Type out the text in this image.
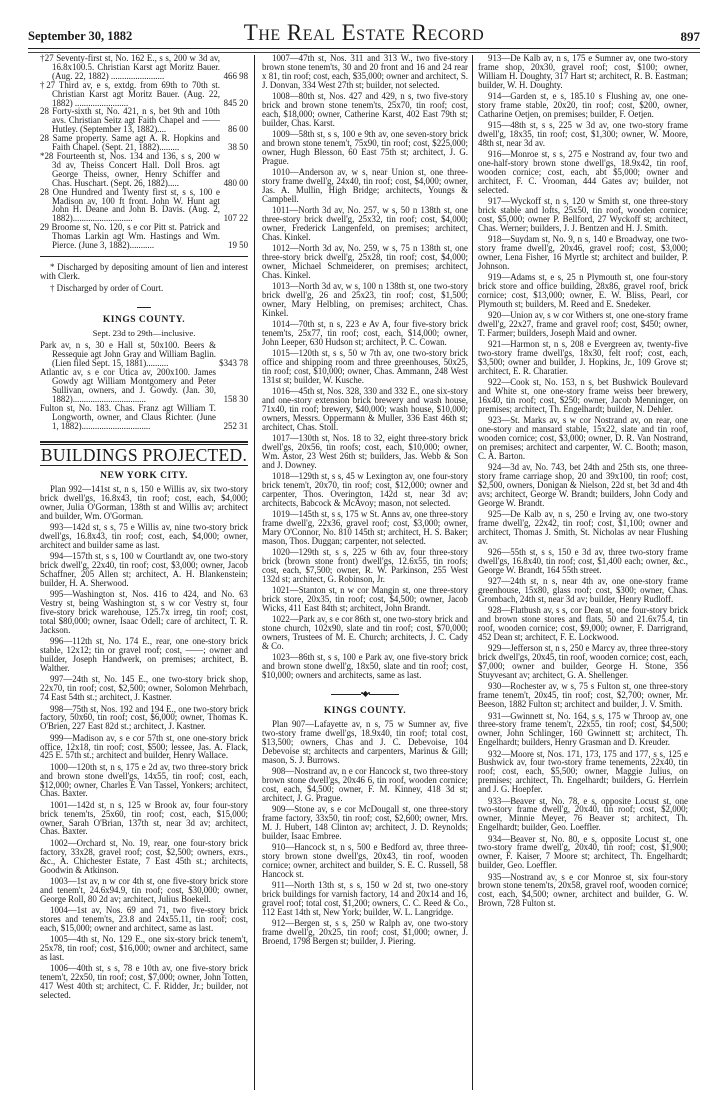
September 30, 1882	The Real Estate Record	897
†27 Seventy-first st, No. 162 E., s s, 200 w 3d av, 16.8x100.5. Christian Karst agt Moritz Bauer. (Aug. 22, 1882) ........................	466 98
†27 Third av, e s, extdg. from 69th to 70th st. Christian Karst agt Moritz Bauer. (Aug. 22, 1882) ........................	845 20
28 Forty-sixth st, No. 421, n s, bet 9th and 10th avs. Christian Seitz agt Faith Chapel and —— Hutley. (September 13, 1882)....	86 00
28 Same property. Same agt A. R. Hopkins and Faith Chapel. (Sept. 21, 1882).........	38 50
*28 Fourteenth st, Nos. 134 and 136, s s, 200 w 3d av, Theiss Concert Hall. Doll Bros. agt George Theiss, owner, Henry Schiffer and Chas. Huschart. (Sept. 26, 1882).....	480 00
28 One Hundred and Twenty first st, s s, 100 e Madison av, 100 ft front. John W. Hunt agt John H. Deane and John B. Davis. (Aug. 2, 1882)...........................	107 22
29 Broome st, No. 120, s e cor Pitt st. Patrick and Thomas Larkin agt Wm. Hastings and Wm. Pierce. (June 3, 1882)...........	19 50

* Discharged by depositing amount of lien and interest with Clerk.

† Discharged by order of Court.

KINGS COUNTY.
Sept. 23d to 29th—inclusive.
Park av, n s, 30 e Hall st, 50x100. Beers & Ressequie agt John Gray and William Baglin. (Lien filed Sept. 15, 1881)..........	$343 78
Atlantic av, s e cor Utica av, 200x100. James Gowdy agt William Montgomery and Peter Sullivan, owners, and J. Gowdy. (Jan. 30, 1882).................................	158 30
Fulton st, No. 183. Chas. Franz agt William T. Longworth, owner, and Claus Richter. (June 1, 1882)...............................	252 31
BUILDINGS PROJECTED.
NEW YORK CITY.

Plan 992—141st st, n s, 150 e Willis av, six two-story brick dwell'gs, 16.8x43, tin roof; cost, each, $4,000; owner, Julia O'Gorman, 138th st and Willis av; architect and builder, Wm. O'Gorman.

993—142d st, s s, 75 e Willis av, nine two-story brick dwell'gs, 16.8x43, tin roof; cost, each, $4,000; owner, architect and builder same as last.

994—157th st, s s, 100 w Courtlandt av, one two-story brick dwell'g, 22x40, tin roof; cost, $3,000; owner, Jacob Schaffner, 205 Allen st; architect, A. H. Blankenstein; builder, H. A. Sherwood.

995—Washington st, Nos. 416 to 424, and No. 63 Vestry st, being Washington st, s w cor Vestry st, four five-story brick warehouse, 125.7x irreg, tin roof; cost, total $80,000; owner, Isaac Odell; care of architect, T. R. Jackson.

996—112th st, No. 174 E., rear, one one-story brick stable, 12x12; tin or gravel roof; cost, ——; owner and builder, Joseph Handwerk, on premises; architect, B. Walther.

997—24th st, No. 145 E., one two-story brick shop, 22x70, tin roof; cost, $2,500; owner, Solomon Mehrbach, 74 East 54th st.; architect, J. Kastner.

998—75th st, Nos. 192 and 194 E., one two-story brick factory, 50x60, tin roof; cost, $6,000; owner, Thomas K. O'Brien, 227 East 82d st.; architect, J. Kastner.

999—Madison av, s e cor 57th st, one one-story brick office, 12x18, tin roof; cost, $500; lessee, Jas. A. Flack, 425 E. 57th st.; architect and builder, Henry Wallace.

1000—120th st, n s, 175 e 2d av, two three-story brick and brown stone dwell'gs, 14x55, tin roof; cost, each, $12,000; owner, Charles E Van Tassel, Yonkers; architect, Chas. Baxter.

1001—142d st, n s, 125 w Brook av, four four-story brick tenem'ts, 25x60, tin roof; cost, each, $15,000; owner, Sarah O'Brian, 137th st, near 3d av; architect, Chas. Baxter.

1002—Orchard st, No. 19, rear, one four-story brick factory, 33x28, gravel roof; cost, $2,500; owners, exrs., &c., A. Chichester Estate, 7 East 45th st.; architects, Goodwin & Atkinson.

1003—1st av, n w cor 4th st, one five-story brick store and tenem't, 24.6x94.9, tin roof; cost, $30,000; owner, George Roll, 80 2d av; architect, Julius Boekell.

1004—1st av, Nos. 69 and 71, two five-story brick stores and tenem'ts, 23.8 and 24x55.11, tin roof; cost, each, $15,000; owner and architect, same as last.

1005—4th st, No. 129 E., one six-story brick tenem't, 25x78, tin roof; cost, $16,000; owner and architect, same as last.

1006—40th st, s s, 78 e 10th av, one five-story brick tenem't, 22x50, tin roof; cost, $7,000; owner, John Totten, 417 West 40th st; architect, C. F. Ridder, Jr.; builder, not selected.

1007—47th st, Nos. 311 and 313 W., two five-story brown stone tenem'ts, 30 and 20 front and 16 and 24 rear x 81, tin roof; cost, each, $35,000; owner and architect, S. J. Donvan, 334 West 27th st; builder, not selected.

1008—80th st, Nos. 427 and 429, n s, two five-story brick and brown stone tenem'ts, 25x70, tin roof; cost, each, $18,000; owner, Catherine Karst, 402 East 79th st; builder, Chas. Karst.

1009—58th st, s s, 100 e 9th av, one seven-story brick and brown stone tenem't, 75x90, tin roof; cost, $225,000; owner, Hugh Blesson, 60 East 75th st; architect, J. G. Prague.

1010—Anderson av, w s, near Union st, one three-story frame dwell'g, 24x40, tin roof; cost, $4,000; owner, Jas. A. Mullin, High Bridge; architects, Youngs & Campbell.

1011—North 3d av, No. 257, w s, 50 n 138th st, one three-story brick dwell'g, 25x32, tin roof; cost, $4,000; owner, Frederick Langenfeld, on premises; architect, Chas. Kinkel.

1012—North 3d av, No. 259, w s, 75 n 138th st, one three-story brick dwell'g, 25x28, tin roof; cost, $4,000; owner, Michael Schmeiderer, on premises; architect, Chas. Kinkel.

1013—North 3d av, w s, 100 n 138th st, one two-story brick dwell'g, 26 and 25x23, tin roof; cost, $1,500; owner, Mary Helbling, on premises; architect, Chas. Kinkel.

1014—70th st, n s, 223 e Av A, four five-story brick tenem'ts, 25x77, tin roof; cost, each, $14,000; owner, John Leeper, 630 Hudson st; architect, P. C. Cowan.

1015—120th st, s s, 50 w 7th av, one two-story brick office and shipping room and three greenhouses, 50x25, tin roof; cost, $10,000; owner, Chas. Ammann, 248 West 131st st; builder, W. Kusche.

1016—45th st, Nos. 328, 330 and 332 E., one six-story and one-story extension brick brewery and wash house, 71x40, tin roof; brewery, $40,000; wash house, $10,000; owners, Messrs. Oppermann & Muller, 336 East 46th st; architect, Chas. Stoll.

1017—130th st, Nos. 18 to 32, eight three-story brick dwell'gs, 20x56, tin roofs; cost, each, $10,000; owner, Wm. Astor, 23 West 26th st; builders, Jas. Webb & Son and J. Downey.

1018—129th st, s s, 45 w Lexington av, one four-story brick tenem't, 20x70, tin roof; cost, $12,000; owner and carpenter, Thos. Overington, 142d st, near 3d av; architects, Babcock & McAvoy; mason, not selected.

1019—145th st, s s, 175 w St. Anns av, one three-story frame dwell'g, 22x36, gravel roof; cost, $3,000; owner, Mary O'Connor, No. 810 145th st; architect, H. S. Baker; mason, Thos. Duggan; carpenter, not selected.

1020—129th st, s s, 225 w 6th av, four three-story brick (brown stone front) dwell'gs, 12.6x55, tin roofs; cost, each, $7,500; owner, R. W. Parkinson, 255 West 132d st; architect, G. Robinson, Jr.

1021—Stanton st, n w cor Mangin st, one three-story brick store, 20x35, tin roof; cost, $4,500; owner, Jacob Wicks, 411 East 84th st; architect, John Brandt.

1022—Park av, s e cor 86th st, one two-story brick and stone church, 102x90, slate and tin roof; cost, $70,000; owners, Trustees of M. E. Church; architects, J. C. Cady & Co.

1023—86th st, s s, 100 e Park av, one five-story brick and brown stone dwell'g, 18x50, slate and tin roof; cost, $10,000; owners and architects, same as last.

•◆•
KINGS COUNTY.

Plan 907—Lafayette av, n s, 75 w Sumner av, five two-story frame dwell'gs, 18.9x40, tin roof; total cost, $13,500; owners, Chas and J. C. Debevoise, 104 Debevoise st; architects and carpenters, Marinus & Gill; mason, S. J. Burrows.

908—Nostrand av, n e cor Hancock st, two three-story brown stone dwell'gs, 20x46 6, tin roof, wooden cornice; cost, each, $4,500; owner, F. M. Kinney, 418 3d st; architect, J. G. Prague.

909—Stone av, s e cor McDougall st, one three-story frame factory, 33x50, tin roof; cost, $2,600; owner, Mrs. M. J. Hubert, 148 Clinton av; architect, J. D. Reynolds; builder, Isaac Embree.

910—Hancock st, n s, 500 e Bedford av, three three-story brown stone dwell'gs, 20x43, tin roof, wooden cornice; owner, architect and builder, S. E. C. Russell, 58 Hancock st.

911—North 13th st, s s, 150 w 2d st, two one-story brick buildings for varnish factory, 14 and 20x14 and 16, gravel roof; total cost, $1,200; owners, C. C. Reed & Co., 112 East 14th st, New York; builder, W. L. Langridge.

912—Bergen st, s s, 250 w Ralph av, one two-story frame dwell'g, 20x25, tin roof; cost, $1,000; owner, J. Broend, 1798 Bergen st; builder, J. Piering.

913—De Kalb av, n s, 175 e Sumner av, one two-story frame shop, 20x30, gravel roof; cost, $100; owner, William H. Doughty, 317 Hart st; architect, R. B. Eastman; builder, W. H. Doughty.

914—Garden st, e s, 185.10 s Flushing av, one one-story frame stable, 20x20, tin roof; cost, $200, owner, Catharine Oetjen, on premises; builder, F. Oetjen.

915—48th st, s s, 225 w 3d av, one two-story frame dwell'g, 18x35, tin roof; cost, $1,300; owner, W. Moore, 48th st, near 3d av.

916—Monroe st, s s, 275 e Nostrand av, four two and one-half-story brown stone dwell'gs, 18.9x42, tin roof, wooden cornice; cost, each, abt $5,000; owner and architect, F. C. Vrooman, 444 Gates av; builder, not selected.

917—Wyckoff st, n s, 120 w Smith st, one three-story brick stable and lofts, 25x50, tin roof, wooden cornice; cost, $5,000; owner P. Bellford, 27 Wyckoff st; architect, Chas. Werner; builders, J. J. Bentzen and H. J. Smith.

918—Suydam st, No. 9, n s, 140 e Broadway, one two-story frame dwell'g, 20x46, gravel roof; cost, $3,000; owner, Lena Fisher, 16 Myrtle st; architect and builder, P. Johnson.

919—Adams st, e s, 25 n Plymouth st, one four-story brick store and office building, 28x86, gravel roof, brick cornice; cost, $13,000; owner, E. W. Bliss, Pearl, cor Plymouth st; builders, M. Reed and E. Snedeker.

920—Union av, s w cor Withers st, one one-story frame dwell'g, 22x27, frame and gravel roof; cost, $450; owner, T. Farmer; builders, Joseph Maid and owner.

921—Harmon st, n s, 208 e Evergreen av, twenty-five two-story frame dwell'gs, 18x30, felt roof; cost, each, $3,500; owner and builder, J. Hopkins, Jr., 109 Grove st; architect, E. R. Charatier.

922—Cook st, No. 153, n s, bet Bushwick Boulevard and White st, one one-story frame weiss beer brewery, 16x40, tin roof; cost, $250; owner, Jacob Menninger, on premises; architect, Th. Engelhardt; builder, N. Dehler.

923—St. Marks av, s w cor Nostrand av, on rear, one one-story and mansard stable, 15x22, slate and tin roof, wooden cornice; cost, $3,000; owner, D. R. Van Nostrand, on premises; architect and carpenter, W. C. Booth; mason, C. A. Barton.

924—3d av, No. 743, bet 24th and 25th sts, one three-story frame carriage shop, 20 and 39x100, tin roof; cost, $2,500, owners, Donigan & Nielson, 22d st, bet 3d and 4th avs; architect, George W. Brandt; builders, John Cody and George W. Brandt.

925—De Kalb av, n s, 250 e Irving av, one two-story frame dwell'g, 22x42, tin roof; cost, $1,100; owner and architect, Thomas J. Smith, St. Nicholas av near Flushing av.

926—55th st, s s, 150 e 3d av, three two-story frame dwell'gs, 16.8x40, tin roof; cost, $1,400 each; owner, &c., George W. Brandt, 164 55th street.

927—24th st, n s, near 4th av, one one-story frame greenhouse, 15x80, glass roof; cost, $300; owner, Chas. Grombach, 24th st, near 3d av; builder, Henry Rudloff.

928—Flatbush av, s s, cor Dean st, one four-story brick and brown stone stores and flats, 50 and 21.6x75.4, tin roof, wooden cornice; cost, $9,000; owner, F. Darrigrand, 452 Dean st; architect, F. E. Lockwood.

929—Jefferson st, n s, 250 e Marcy av, three three-story brick dwell'gs, 20x45, tin roof, wooden cornice; cost, each, $7,000; owner and builder, George H. Stone, 356 Stuyvesant av; architect, G. A. Shellenger.

930—Rochester av, w s, 75 s Fulton st, one three-story frame tenem't, 20x45, tin roof; cost, $2,700; owner, Mr. Beeson, 1882 Fulton st; architect and builder, J. V. Smith.

931—Gwinnett st, No. 164, s s, 175 w Throop av, one three-story frame tenem't, 22x55, tin roof; cost, $4,500; owner, John Schlinger, 160 Gwinnett st; architect, Th. Engelhardt; builders, Henry Grasman and D. Kreuder.

932—Moore st, Nos. 171, 173, 175 and 177, s s, 125 e Bushwick av, four two-story frame tenements, 22x40, tin roof; cost, each, $5,500; owner, Maggie Julius, on premises; architect, Th. Engelhardt; builders, G. Herrlein and J. G. Hoepfer.

933—Beaver st, No. 78, e s, opposite Locust st, one two-story frame dwell'g, 20x40, tin roof; cost, $2,000; owner, Minnie Meyer, 76 Beaver st; architect, Th. Engelhardt; builder, Geo. Loeffler.

934—Beaver st, No. 80, e s, opposite Locust st, one two-story frame dwell'g, 20x40, tin roof; cost, $1,900; owner, F. Kaiser, 7 Moore st; architect, Th. Engelhardt; builder, Geo. Loeffler.

935—Nostrand av, s e cor Monroe st, six four-story brown stone tenem'ts, 20x58, gravel roof, wooden cornice; cost, each, $4,500; owner, architect and builder, G. W. Brown, 728 Fulton st.
